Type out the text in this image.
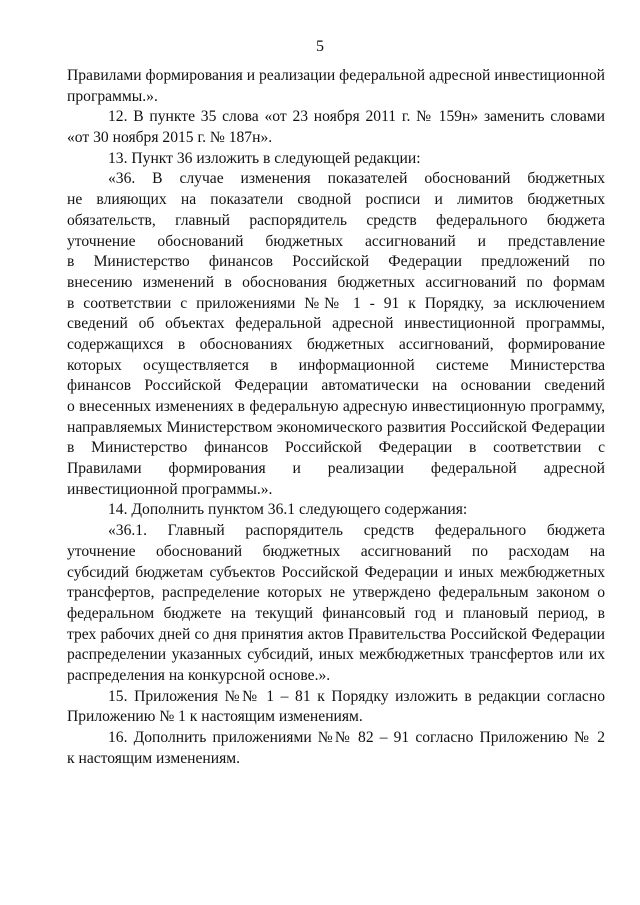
5
Правилами формирования и реализации федеральной адресной инвестиционной
программы.».
12. В пункте 35 слова «от 23 ноября 2011 г. № 159н» заменить словами
«от 30 ноября 2015 г. № 187н».
13. Пункт 36 изложить в следующей редакции:
«36. В случае изменения показателей обоснований бюджетных
не влияющих на показатели сводной росписи и лимитов бюджетных
обязательств, главный распорядитель средств федерального бюджета
уточнение обоснований бюджетных ассигнований и представление
в Министерство финансов Российской Федерации предложений по
внесению изменений в обоснования бюджетных ассигнований по формам
в соответствии с приложениями №№ 1 - 91 к Порядку, за исключением
сведений об объектах федеральной адресной инвестиционной программы,
содержащихся в обоснованиях бюджетных ассигнований, формирование
которых осуществляется в информационной системе Министерства
финансов Российской Федерации автоматически на основании сведений
о внесенных изменениях в федеральную адресную инвестиционную программу,
направляемых Министерством экономического развития Российской Федерации
в Министерство финансов Российской Федерации в соответствии с
Правилами формирования и реализации федеральной адресной
инвестиционной программы.».
14. Дополнить пунктом 36.1 следующего содержания:
«36.1. Главный распорядитель средств федерального бюджета
уточнение обоснований бюджетных ассигнований по расходам на
субсидий бюджетам субъектов Российской Федерации и иных межбюджетных
трансфертов, распределение которых не утверждено федеральным законом о
федеральном бюджете на текущий финансовый год и плановый период, в
трех рабочих дней со дня принятия актов Правительства Российской Федерации
распределении указанных субсидий, иных межбюджетных трансфертов или их
распределения на конкурсной основе.».
15. Приложения №№ 1 – 81 к Порядку изложить в редакции согласно
Приложению № 1 к настоящим изменениям.
16. Дополнить приложениями №№ 82 – 91 согласно Приложению № 2
к настоящим изменениям.
